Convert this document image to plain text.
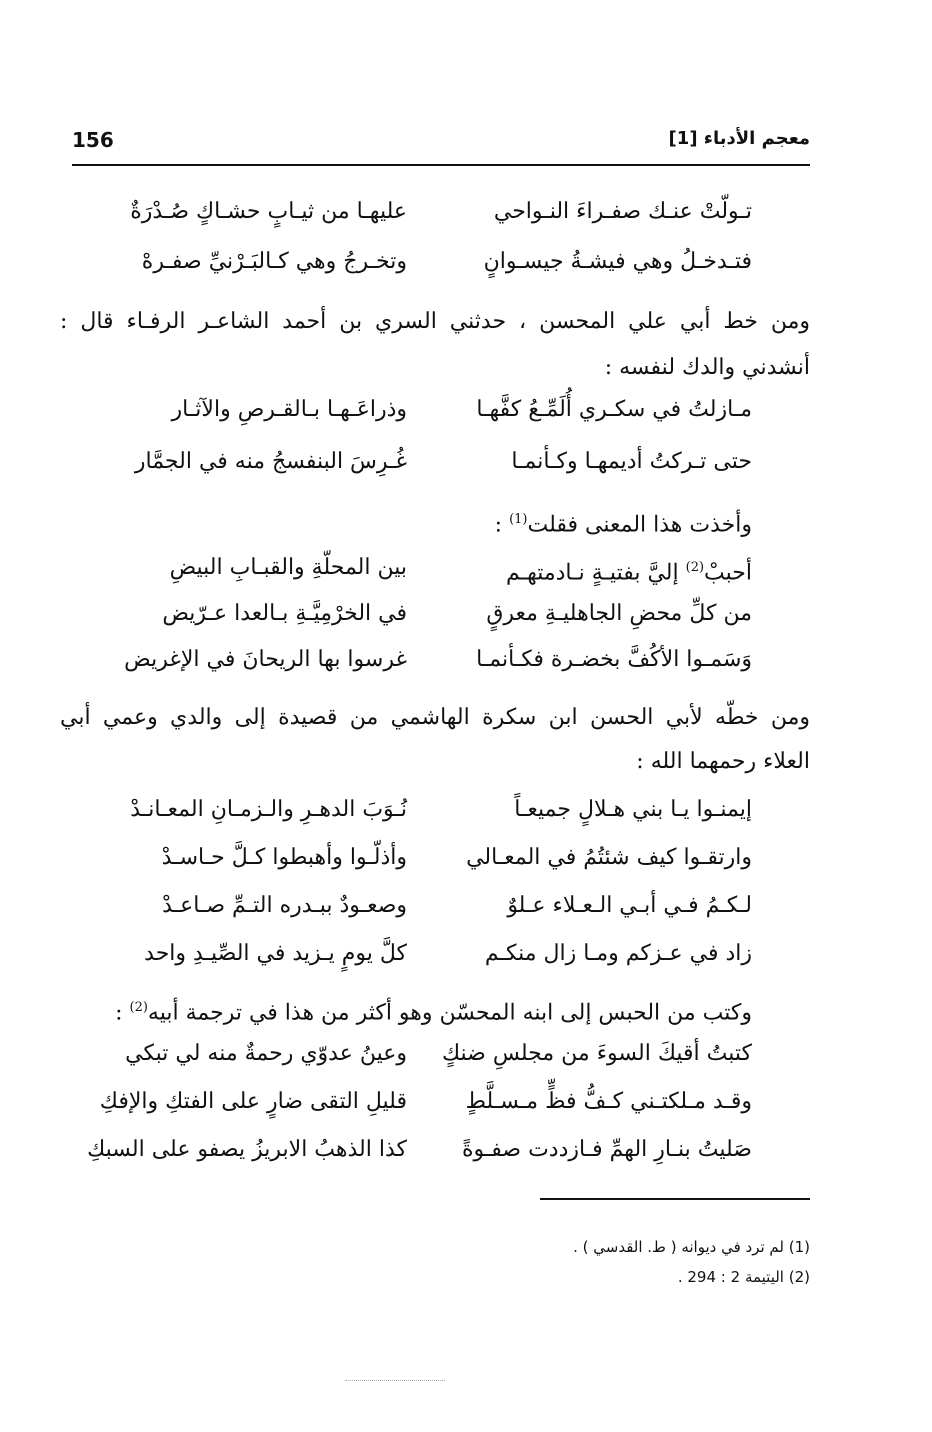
156	معجم الأدباء [1]
تـولّتْ عنـك صفـراءَ النـواحي
عليهـا من ثيـابٍ حشـاكٍ صُـدْرَةٌ
فتـدخـلُ وهي فيشـةُ جيسـوانٍ
وتخـرجُ وهي كـالبَـرْنيِّ صفـرهْ
ومن خط أبي علي المحسن ، حدثني السري بن أحمد الشاعـر الرفـاء قال :
أنشدني والدك لنفسه :
مـازلتُ في سكـري أُلَمِّـعُ كفَّهـا
وذراعَـهـا بـالقـرصِ والآثـار
حتى تـركتُ أديمهـا وكـأنمـا
غُـرِسَ البنفسجُ منه في الجمَّار
وأخذت هذا المعنى فقلت$^{(1)}$ :
أحببْ$^{(2)}$ إليَّ بفتيـةٍ نـادمتهـم
بين المحلّةِ والقبـابِ البيضِ
من كلِّ محضِ الجاهليـةِ معرقٍ
في الخرْمِيَّـةِ بـالعدا عـرّيض
وَسَمـوا الأكُفَّ بخضـرة فكـأنمـا
غرسوا بها الريحانَ في الإغريض
ومن خطّه لأبي الحسن ابن سكرة الهاشمي من قصيدة إلى والدي وعمي أبي
العلاء رحمهما الله :
إيمنـوا يـا بني هـلالٍ جميعـاً
نُـوَبَ الدهـرِ والـزمـانِ المعـانـدْ
وارتقـوا كيف شئتُمُ في المعـالي
وأذلّـوا وأهبطوا كـلَّ حـاسـدْ
لـكـمُ فـي أبـي الـعـلاء عـلوٌ
وصعـودٌ ببـدره التـمِّ صـاعـدْ
زاد في عـزكم ومـا زال منكـم
كلَّ يومٍ يـزيد في الصِّيـدِ واحد
وكتب من الحبس إلى ابنه المحسّن وهو أكثر من هذا في ترجمة أبيه$^{(2)}$ :
كتبتُ أقيكَ السوءَ من مجلسِ ضنكٍ
وعينُ عدوّي رحمةٌ منه لي تبكي
وقـد مـلكتـني كـفُّ فظٍّ مـسـلَّطٍ
قليلِ التقى ضارٍ على الفتكِ والإفكِ
صَليتُ بنـارِ الهمِّ فـازددت صفـوةً
كذا الذهبُ الابريزُ يصفو على السبكِ
(1) لم ترد في ديوانه ( ط. القدسي ) .
(2) اليتيمة 2 : 294 .
